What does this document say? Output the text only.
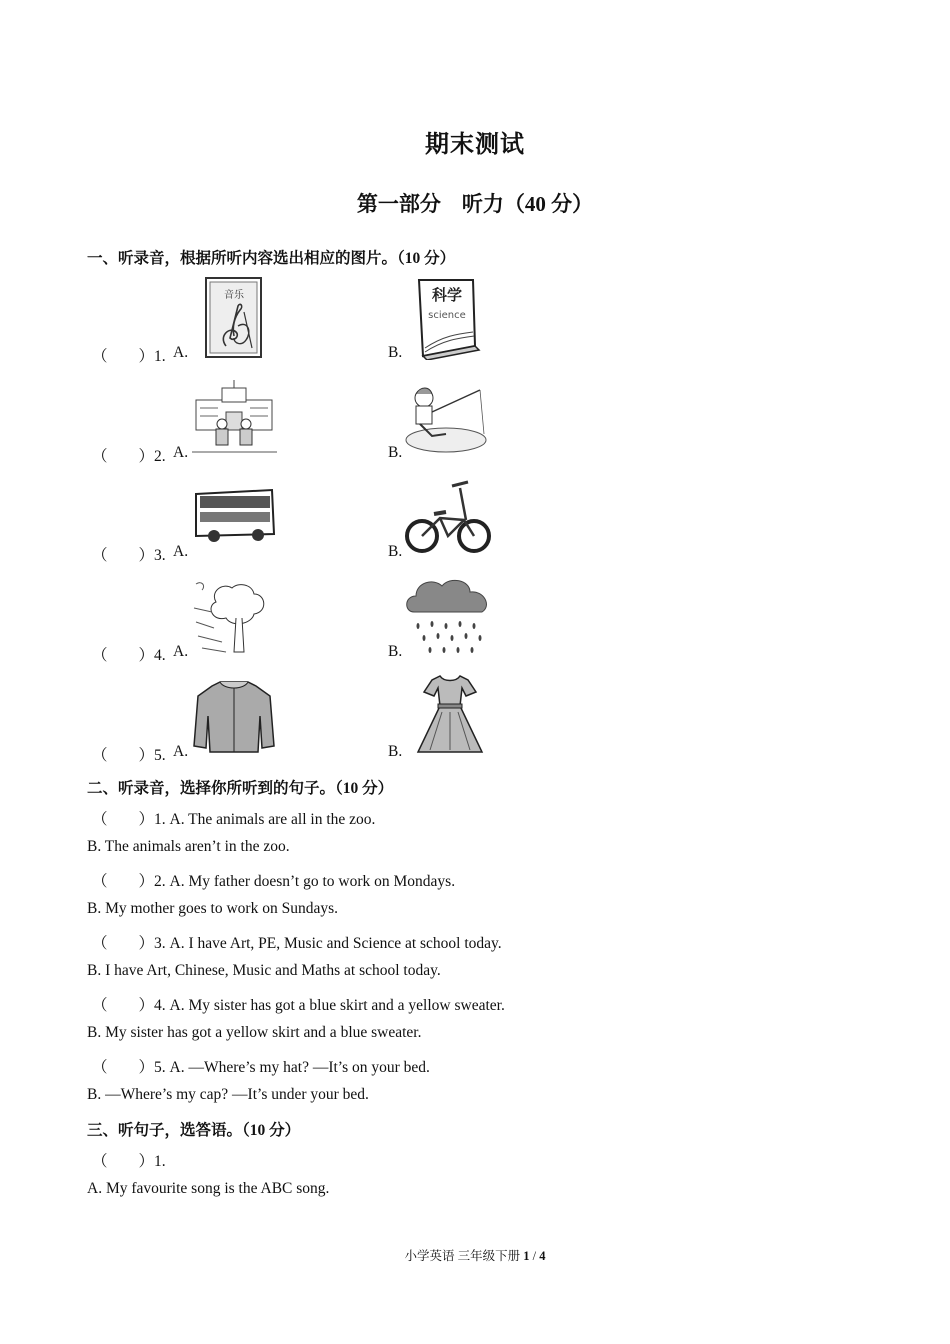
期末测试
第一部分　听力（40 分）
一、听录音，根据所听内容选出相应的图片。（10 分）
（　　）1. A.	B.
（　　）2. A.	B.
（　　）3. A.	B.
（　　）4. A.	B.
（　　）5. A.	B.
音乐	科学
science
二、听录音，选择你所听到的句子。（10 分）
（　　）1. A. The animals are all in the zoo.
B. The animals aren’t in the zoo.
（　　）2. A. My father doesn’t go to work on Mondays.
B. My mother goes to work on Sundays.
（　　）3. A. I have Art, PE, Music and Science at school today.
B. I have Art, Chinese, Music and Maths at school today.
（　　）4. A. My sister has got a blue skirt and a yellow sweater.
B. My sister has got a yellow skirt and a blue sweater.
（　　）5. A. —Where’s my hat? —It’s on your bed.
B. —Where’s my cap? —It’s under your bed.
三、听句子，选答语。（10 分）
（　　）1.
A. My favourite song is the ABC song.
小学英语 三年级下册 1 / 4
